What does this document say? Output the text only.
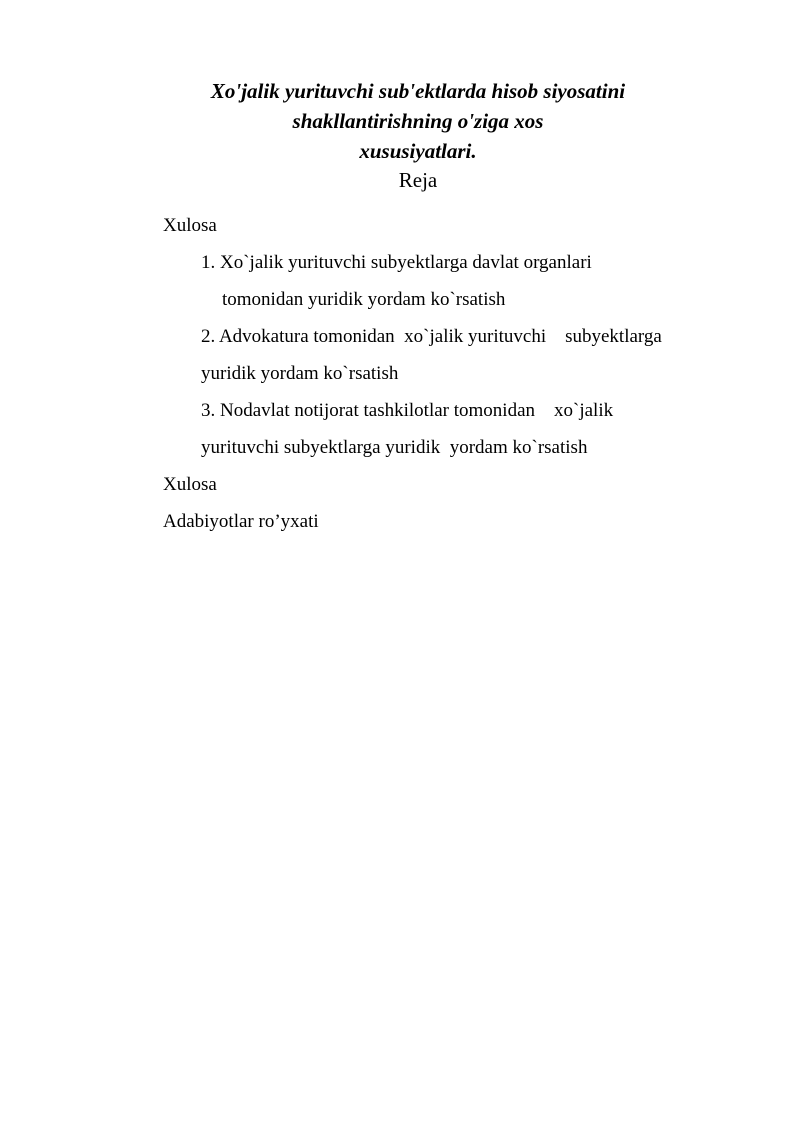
Xo'jalik yurituvchi sub'ektlarda hisob siyosatini
shakllantirishning o'ziga xos
xususiyatlari.
Reja
Xulosa
1. Xo`jalik yurituvchi subyektlarga davlat organlari
tomonidan yuridik yordam ko`rsatish
2. Advokatura tomonidan  xo`jalik yurituvchi    subyektlarga
yuridik yordam ko`rsatish
3. Nodavlat notijorat tashkilotlar tomonidan    xo`jalik
yurituvchi subyektlarga yuridik  yordam ko`rsatish
Xulosa
Adabiyotlar ro’yxati
